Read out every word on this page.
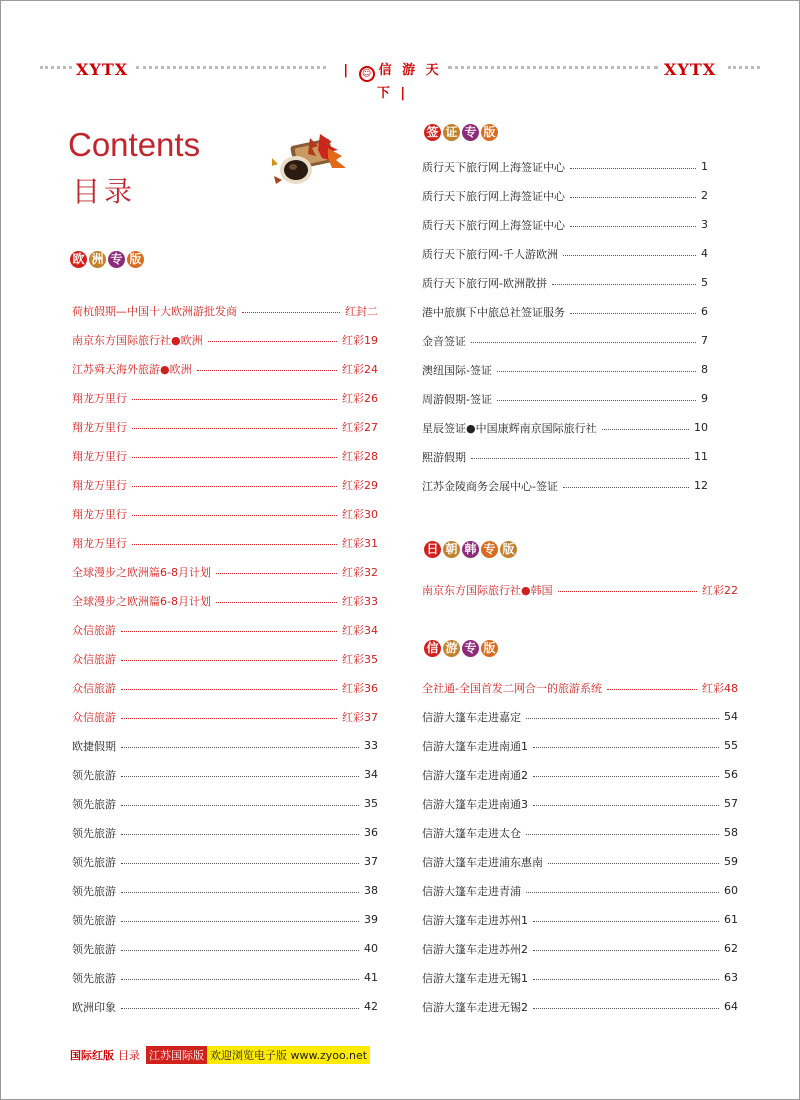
XYTX	| ☺ 信 游 天 下 |
XYTX
Contents
目录
欧 洲 专 版
荷杭假期—中国十大欧洲游批发商	红封二
南京东方国际旅行社●欧洲	红彩19
江苏舜天海外旅游●欧洲	红彩24
翔龙万里行	红彩26
翔龙万里行	红彩27
翔龙万里行	红彩28
翔龙万里行	红彩29
翔龙万里行	红彩30
翔龙万里行	红彩31
全球漫步之欧洲篇6-8月计划	红彩32
全球漫步之欧洲篇6-8月计划	红彩33
众信旅游	红彩34
众信旅游	红彩35
众信旅游	红彩36
众信旅游	红彩37
欧捷假期	33
领先旅游	34
领先旅游	35
领先旅游	36
领先旅游	37
领先旅游	38
领先旅游	39
领先旅游	40
领先旅游	41
欧洲印象	42
签 证 专 版
质行天下旅行网上海签证中心	1
质行天下旅行网上海签证中心	2
质行天下旅行网上海签证中心	3
质行天下旅行网-千人游欧洲	4
质行天下旅行网-欧洲散拼	5
港中旅旗下中旅总社签证服务	6
金音签证	7
澳纽国际-签证	8
周游假期-签证	9
星辰签证●中国康辉南京国际旅行社	10
熙游假期	11
江苏金陵商务会展中心-签证	12
日 朝 韩 专 版
南京东方国际旅行社●韩国	红彩22
信 游 专 版
全社通-全国首发二网合一的旅游系统	红彩48
信游大篷车走进嘉定	54
信游大篷车走进南通1	55
信游大篷车走进南通2	56
信游大篷车走进南通3	57
信游大篷车走进太仓	58
信游大篷车走进浦东惠南	59
信游大篷车走进青浦	60
信游大篷车走进苏州1	61
信游大篷车走进苏州2	62
信游大篷车走进无锡1	63
信游大篷车走进无锡2	64
国际红版 目录 江苏国际版 欢迎浏览电子版 www.zyoo.net
